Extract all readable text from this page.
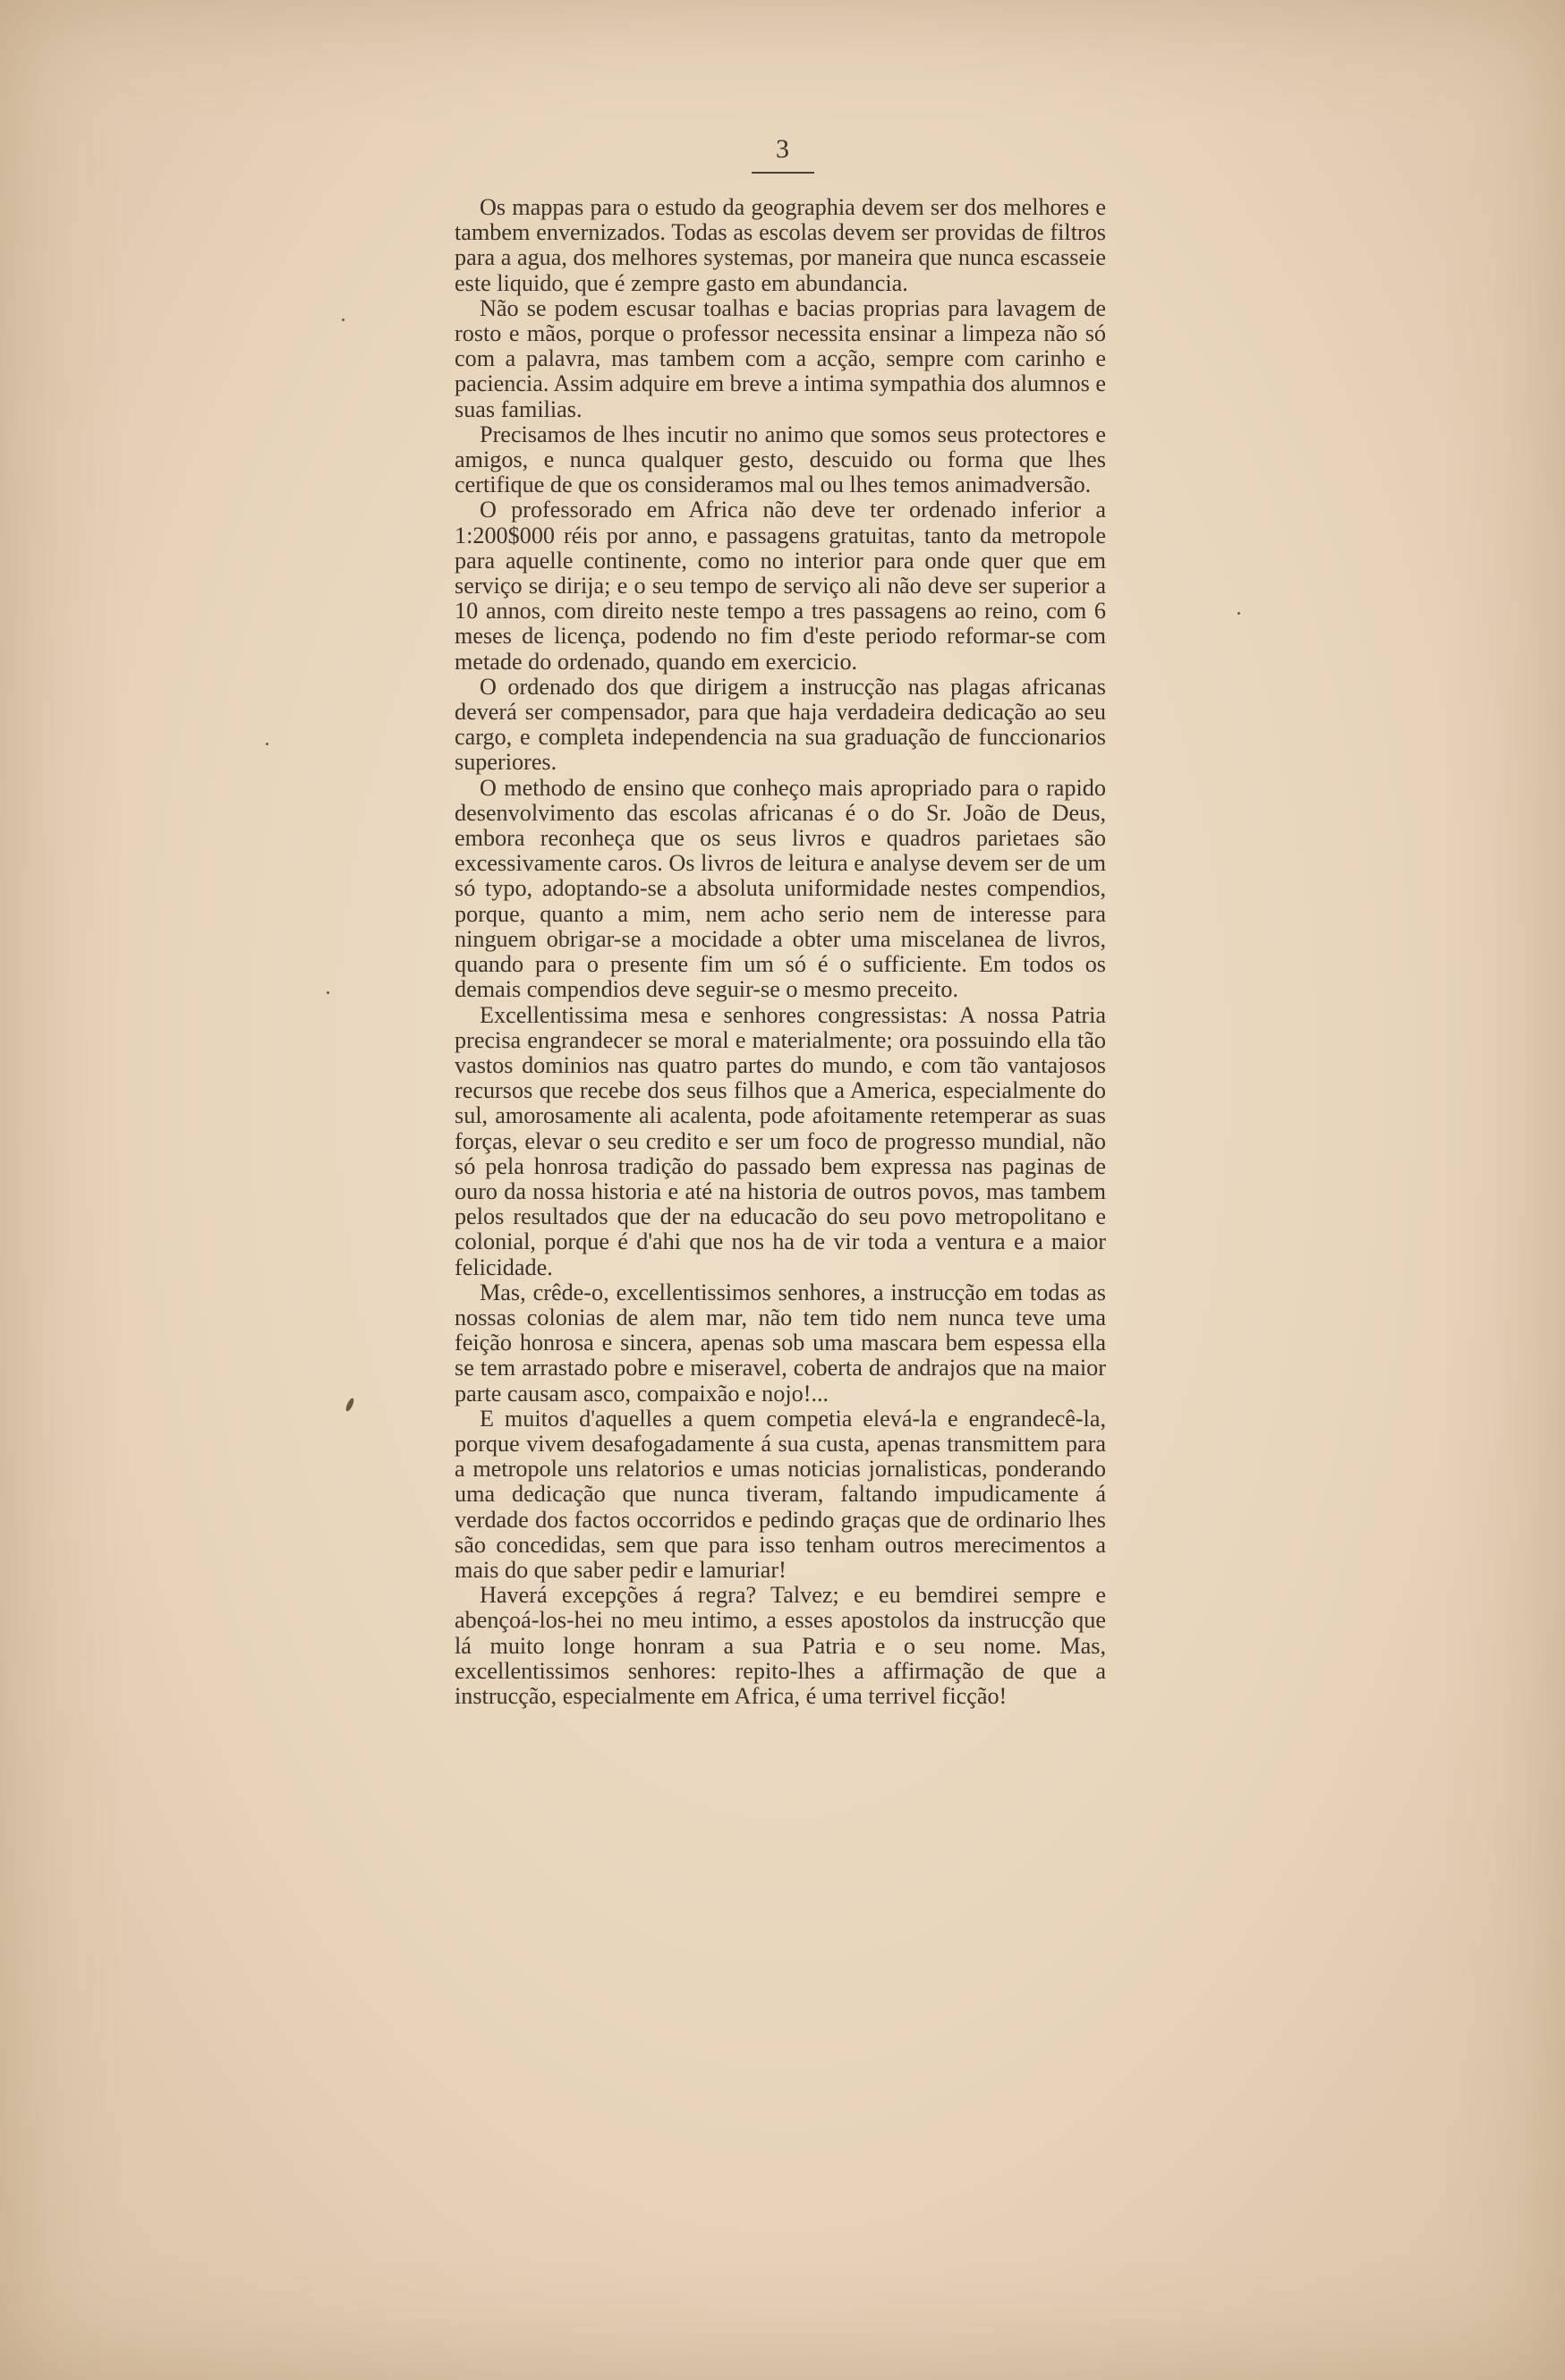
3

Os mappas para o estudo da geographia devem ser dos melhores e tambem envernizados. Todas as escolas devem ser providas de filtros para a agua, dos melhores systemas, por maneira que nunca escasseie este liquido, que é zempre gasto em abundancia.

Não se podem escusar toalhas e bacias proprias para lavagem de rosto e mãos, porque o professor necessita ensinar a limpeza não só com a palavra, mas tambem com a acção, sempre com carinho e paciencia. Assim adquire em breve a intima sympathia dos alumnos e suas familias.

Precisamos de lhes incutir no animo que somos seus protectores e amigos, e nunca qualquer gesto, descuido ou forma que lhes certifique de que os consideramos mal ou lhes temos animadversão.

O professorado em Africa não deve ter ordenado inferior a 1:200$000 réis por anno, e passagens gratuitas, tanto da metropole para aquelle continente, como no interior para onde quer que em serviço se dirija; e o seu tempo de serviço ali não deve ser superior a 10 annos, com direito neste tempo a tres passagens ao reino, com 6 meses de licença, podendo no fim d'este periodo reformar-se com metade do ordenado, quando em exercicio.

O ordenado dos que dirigem a instrucção nas plagas africanas deverá ser compensador, para que haja verdadeira dedicação ao seu cargo, e completa independencia na sua graduação de funccionarios superiores.

O methodo de ensino que conheço mais apropriado para o rapido desenvolvimento das escolas africanas é o do Sr. João de Deus, embora reconheça que os seus livros e quadros parietaes são excessivamente caros. Os livros de leitura e analyse devem ser de um só typo, adoptando-se a absoluta uniformidade nestes compendios, porque, quanto a mim, nem acho serio nem de interesse para ninguem obrigar-se a mocidade a obter uma miscelanea de livros, quando para o presente fim um só é o sufficiente. Em todos os demais compendios deve seguir-se o mesmo preceito.

Excellentissima mesa e senhores congressistas: A nossa Patria precisa engrandecer se moral e materialmente; ora possuindo ella tão vastos dominios nas quatro partes do mundo, e com tão vantajosos recursos que recebe dos seus filhos que a America, especialmente do sul, amorosamente ali acalenta, pode afoitamente retemperar as suas forças, elevar o seu credito e ser um foco de progresso mundial, não só pela honrosa tradição do passado bem expressa nas paginas de ouro da nossa historia e até na historia de outros povos, mas tambem pelos resultados que der na educacão do seu povo metropolitano e colonial, porque é d'ahi que nos ha de vir toda a ventura e a maior felicidade.

Mas, crêde-o, excellentissimos senhores, a instrucção em todas as nossas colonias de alem mar, não tem tido nem nunca teve uma feição honrosa e sincera, apenas sob uma mascara bem espessa ella se tem arrastado pobre e miseravel, coberta de andrajos que na maior parte causam asco, compaixão e nojo!...

E muitos d'aquelles a quem competia elevá-la e engrandecê-la, porque vivem desafogadamente á sua custa, apenas transmittem para a metropole uns relatorios e umas noticias jornalisticas, ponderando uma dedicação que nunca tiveram, faltando impudicamente á verdade dos factos occorridos e pedindo graças que de ordinario lhes são concedidas, sem que para isso tenham outros merecimentos a mais do que saber pedir e lamuriar!

Haverá excepções á regra? Talvez; e eu bemdirei sempre e abençoá-los-hei no meu intimo, a esses apostolos da instrucção que lá muito longe honram a sua Patria e o seu nome. Mas, excellentissimos senhores: repito-lhes a affirmação de que a instrucção, especialmente em Africa, é uma terrivel ficção!
